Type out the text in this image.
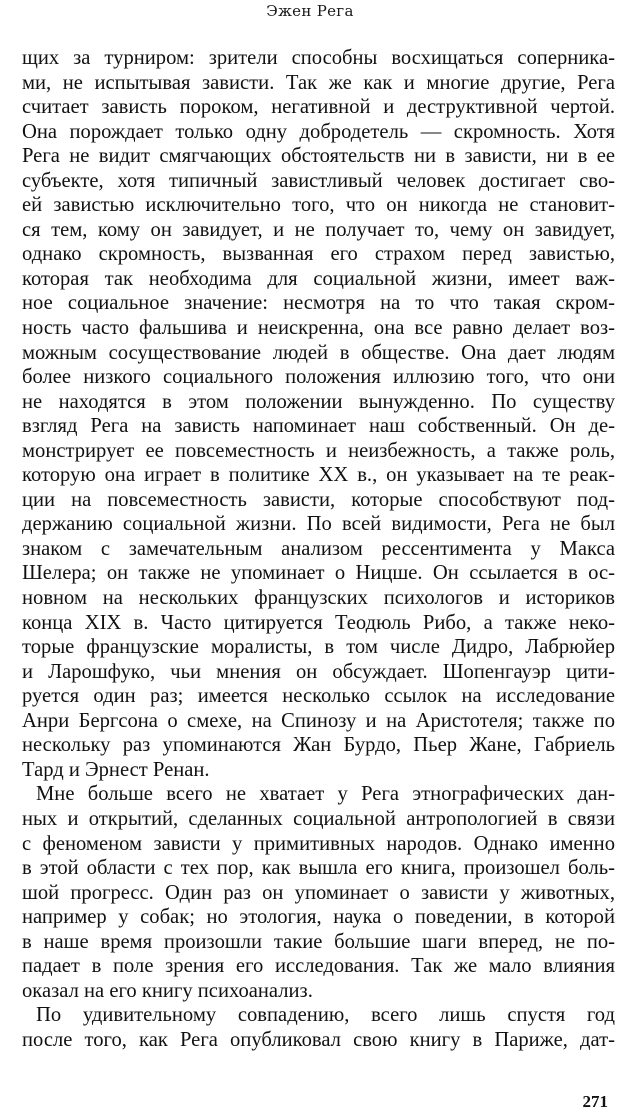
Эжен Рега
щих за турниром: зрители способны восхищаться соперника-
ми, не испытывая зависти. Так же как и многие другие, Рега
считает зависть пороком, негативной и деструктивной чертой.
Она порождает только одну добродетель — скромность. Хотя
Рега не видит смягчающих обстоятельств ни в зависти, ни в ее
субъекте, хотя типичный завистливый человек достигает сво-
ей завистью исключительно того, что он никогда не становит-
ся тем, кому он завидует, и не получает то, чему он завидует,
однако скромность, вызванная его страхом перед завистью,
которая так необходима для социальной жизни, имеет важ-
ное социальное значение: несмотря на то что такая скром-
ность часто фальшива и неискренна, она все равно делает воз-
можным сосуществование людей в обществе. Она дает людям
более низкого социального положения иллюзию того, что они
не находятся в этом положении вынужденно. По существу
взгляд Рега на зависть напоминает наш собственный. Он де-
монстрирует ее повсеместность и неизбежность, а также роль,
которую она играет в политике XX в., он указывает на те реак-
ции на повсеместность зависти, которые способствуют под-
держанию социальной жизни. По всей видимости, Рега не был
знаком с замечательным анализом рессентимента у Макса
Шелера; он также не упоминает о Ницше. Он ссылается в ос-
новном на нескольких французских психологов и историков
конца XIX в. Часто цитируется Теодюль Рибо, а также неко-
торые французские моралисты, в том числе Дидро, Лабрюйер
и Ларошфуко, чьи мнения он обсуждает. Шопенгауэр цити-
руется один раз; имеется несколько ссылок на исследование
Анри Бергсона о смехе, на Спинозу и на Аристотеля; также по
нескольку раз упоминаются Жан Бурдо, Пьер Жане, Габриель
Тард и Эрнест Ренан.
Мне больше всего не хватает у Рега этнографических дан-
ных и открытий, сделанных социальной антропологией в связи
с феноменом зависти у примитивных народов. Однако именно
в этой области с тех пор, как вышла его книга, произошел боль-
шой прогресс. Один раз он упоминает о зависти у животных,
например у собак; но этология, наука о поведении, в которой
в наше время произошли такие большие шаги вперед, не по-
падает в поле зрения его исследования. Так же мало влияния
оказал на его книгу психоанализ.
По удивительному совпадению, всего лишь спустя год
после того, как Рега опубликовал свою книгу в Париже, дат-
271
